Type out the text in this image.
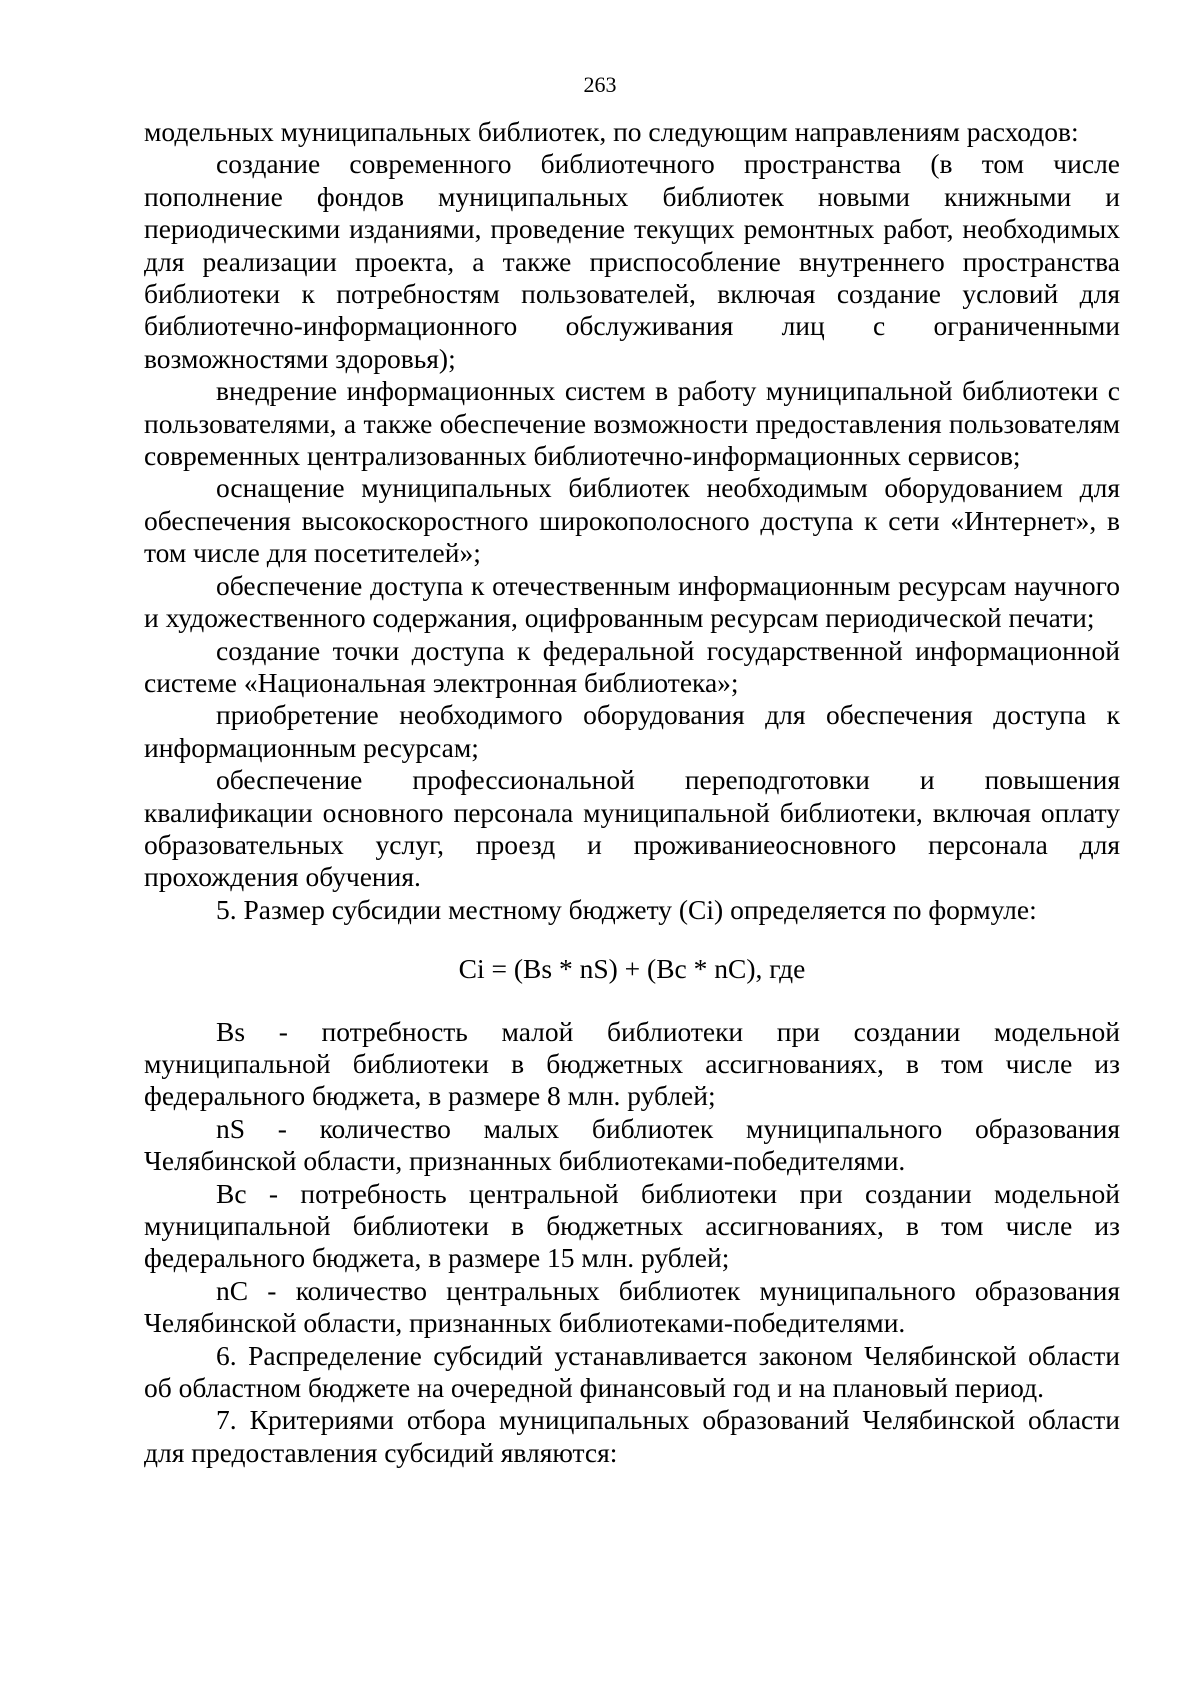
263

модельных муниципальных библиотек, по следующим направлениям расходов:

создание современного библиотечного пространства (в том числе пополнение фондов муниципальных библиотек новыми книжными и периодическими изданиями, проведение текущих ремонтных работ, необходимых для реализации проекта, а также приспособление внутреннего пространства библиотеки к потребностям пользователей, включая создание условий для библиотечно-информационного обслуживания лиц с ограниченными возможностями здоровья);

внедрение информационных систем в работу муниципальной библиотеки с пользователями, а также обеспечение возможности предоставления пользователям современных централизованных библиотечно-информационных сервисов;

оснащение муниципальных библиотек необходимым оборудованием для обеспечения высокоскоростного широкополосного доступа к сети «Интернет», в том числе для посетителей»;

обеспечение доступа к отечественным информационным ресурсам научного и художественного содержания, оцифрованным ресурсам периодической печати;

создание точки доступа к федеральной государственной информационной системе «Национальная электронная библиотека»;

приобретение необходимого оборудования для обеспечения доступа к информационным ресурсам;

обеспечение профессиональной переподготовки и повышения квалификации основного персонала муниципальной библиотеки, включая оплату образовательных услуг, проезд и проживаниеосновного персонала для прохождения обучения.

5. Размер субсидии местному бюджету (Ci) определяется по формуле:

Ci = (Bs * nS) + (Bc * nC), где

Bs - потребность малой библиотеки при создании модельной муниципальной библиотеки в бюджетных ассигнованиях, в том числе из федерального бюджета, в размере 8 млн. рублей;

nS - количество малых библиотек муниципального образования Челябинской области, признанных библиотеками-победителями.

Bc - потребность центральной библиотеки при создании модельной муниципальной библиотеки в бюджетных ассигнованиях, в том числе из федерального бюджета, в размере 15 млн. рублей;

nC - количество центральных библиотек муниципального образования Челябинской области, признанных библиотеками-победителями.

6. Распределение субсидий устанавливается законом Челябинской области об областном бюджете на очередной финансовый год и на плановый период.

7. Критериями отбора муниципальных образований Челябинской области для предоставления субсидий являются:
